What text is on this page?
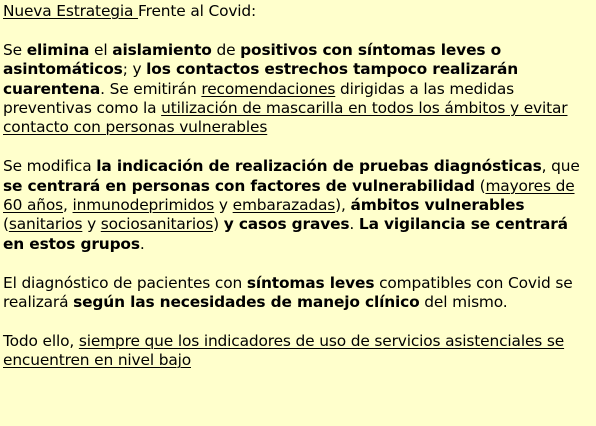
Nueva Estrategia Frente al Covid:

Se elimina el aislamiento de positivos con síntomas leves o asintomáticos; y los contactos estrechos tampoco realizarán cuarentena. Se emitirán recomendaciones dirigidas a las medidas preventivas como la utilización de mascarilla en todos los ámbitos y evitar contacto con personas vulnerables

Se modifica la indicación de realización de pruebas diagnósticas, que se centrará en personas con factores de vulnerabilidad (mayores de 60 años, inmunodeprimidos y embarazadas), ámbitos vulnerables (sanitarios y sociosanitarios) y casos graves. La vigilancia se centrará en estos grupos.

El diagnóstico de pacientes con síntomas leves compatibles con Covid se realizará según las necesidades de manejo clínico del mismo.

Todo ello, siempre que los indicadores de uso de servicios asistenciales se encuentren en nivel bajo
